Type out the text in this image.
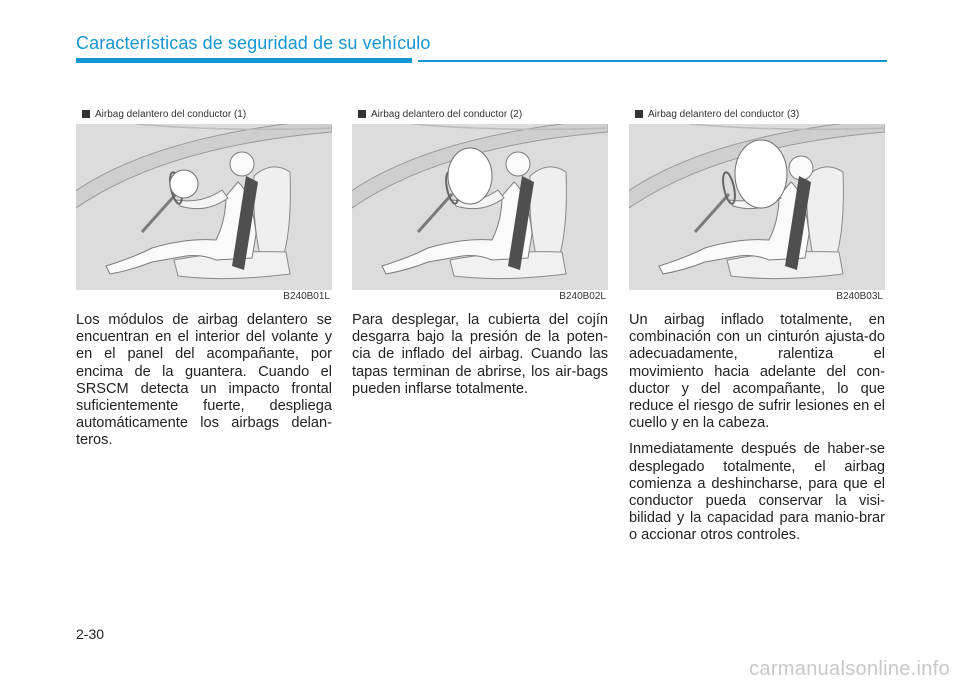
Características de seguridad de su vehículo
Airbag delantero del conductor (1)
B240B01L
Airbag delantero del conductor (2)
B240B02L
Airbag delantero del conductor (3)
B240B03L

Los módulos de airbag delantero se encuentran en el interior del volante y en el panel del acompañante, por encima de la guantera. Cuando el SRSCM detecta un impacto frontal suficientemente fuerte, despliega automáticamente los airbags delan-teros.

Para desplegar, la cubierta del cojín desgarra bajo la presión de la poten-cia de inflado del airbag. Cuando las tapas terminan de abrirse, los air-bags pueden inflarse totalmente.

Un airbag inflado totalmente, en combinación con un cinturón ajusta-do adecuadamente, ralentiza el movimiento hacia adelante del con-ductor y del acompañante, lo que reduce el riesgo de sufrir lesiones en el cuello y en la cabeza.

Inmediatamente después de haber-se desplegado totalmente, el airbag comienza a deshincharse, para que el conductor pueda conservar la visi-bilidad y la capacidad para manio-brar o accionar otros controles.

2-30
carmanualsonline.info
